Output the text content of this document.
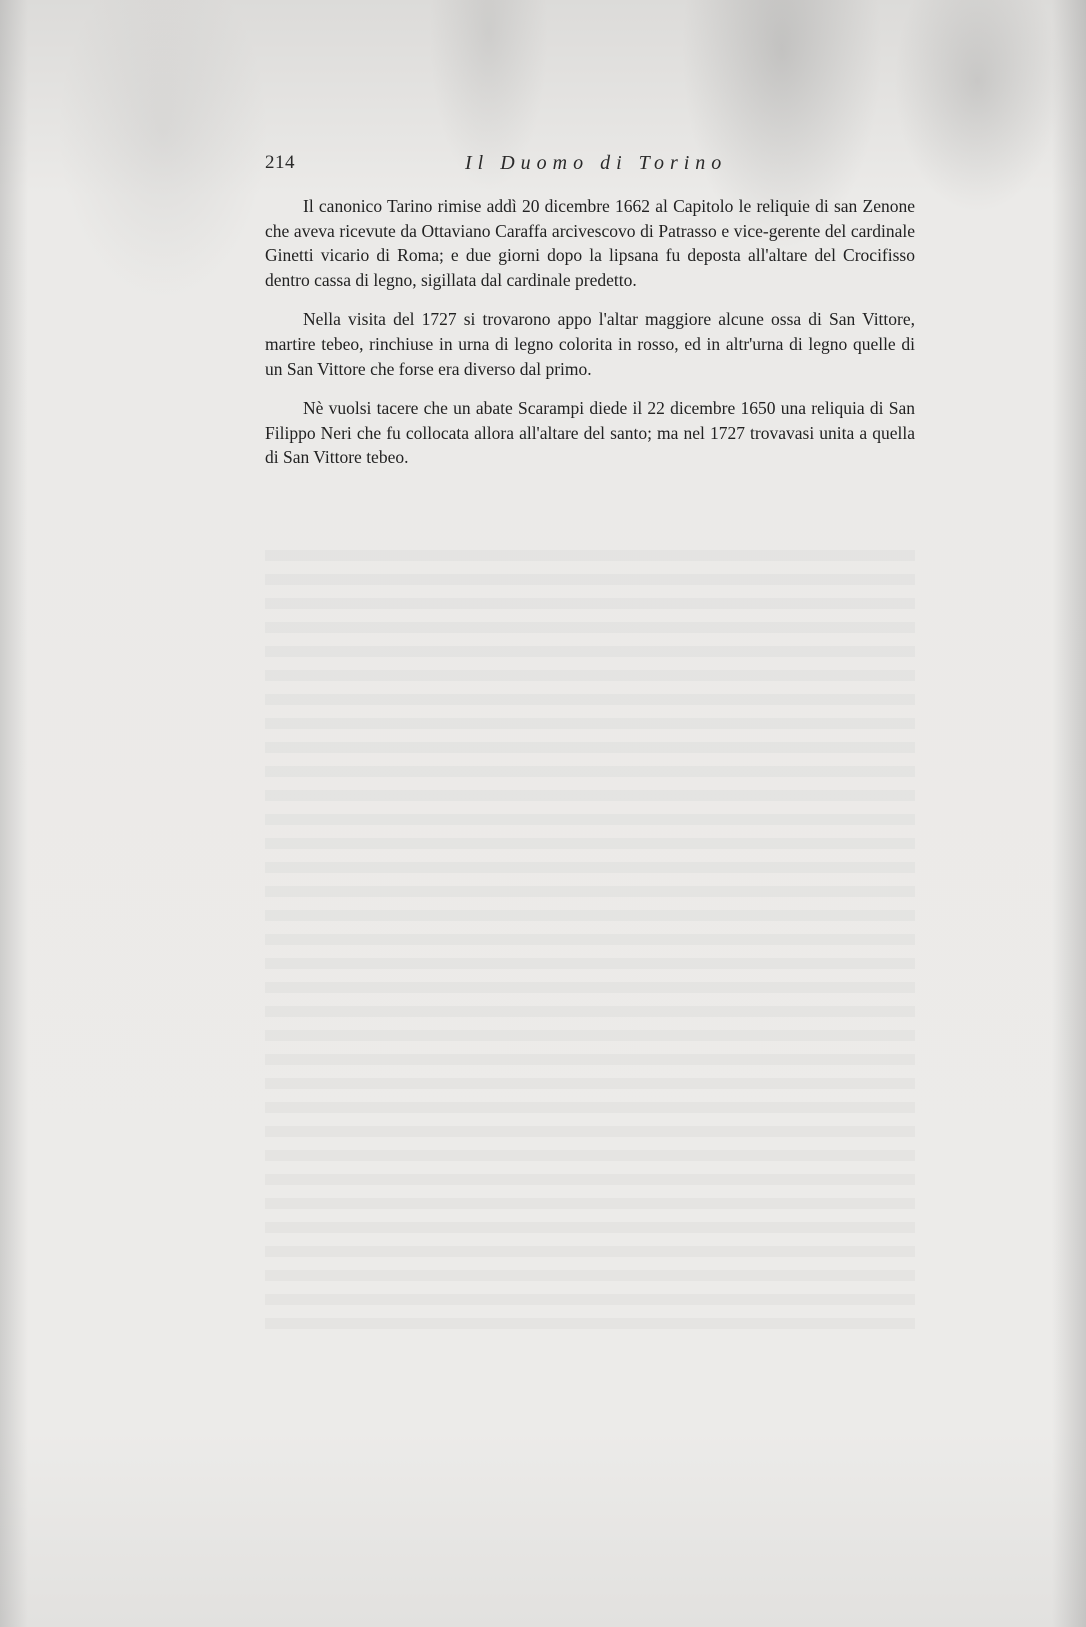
214	Il Duomo di Torino

Il canonico Tarino rimise addì 20 dicembre 1662 al Capitolo le reliquie di san Zenone che aveva ricevute da Ottaviano Caraffa arcivescovo di Patrasso e vice-gerente del cardinale Ginetti vicario di Roma; e due giorni dopo la lipsana fu deposta all'altare del Crocifisso dentro cassa di legno, sigillata dal cardinale predetto.

Nella visita del 1727 si trovarono appo l'altar maggiore alcune ossa di San Vittore, martire tebeo, rinchiuse in urna di legno colorita in rosso, ed in altr'urna di legno quelle di un San Vittore che forse era diverso dal primo.

Nè vuolsi tacere che un abate Scarampi diede il 22 dicembre 1650 una reliquia di San Filippo Neri che fu collocata allora all'altare del santo; ma nel 1727 trovavasi unita a quella di San Vittore tebeo.
